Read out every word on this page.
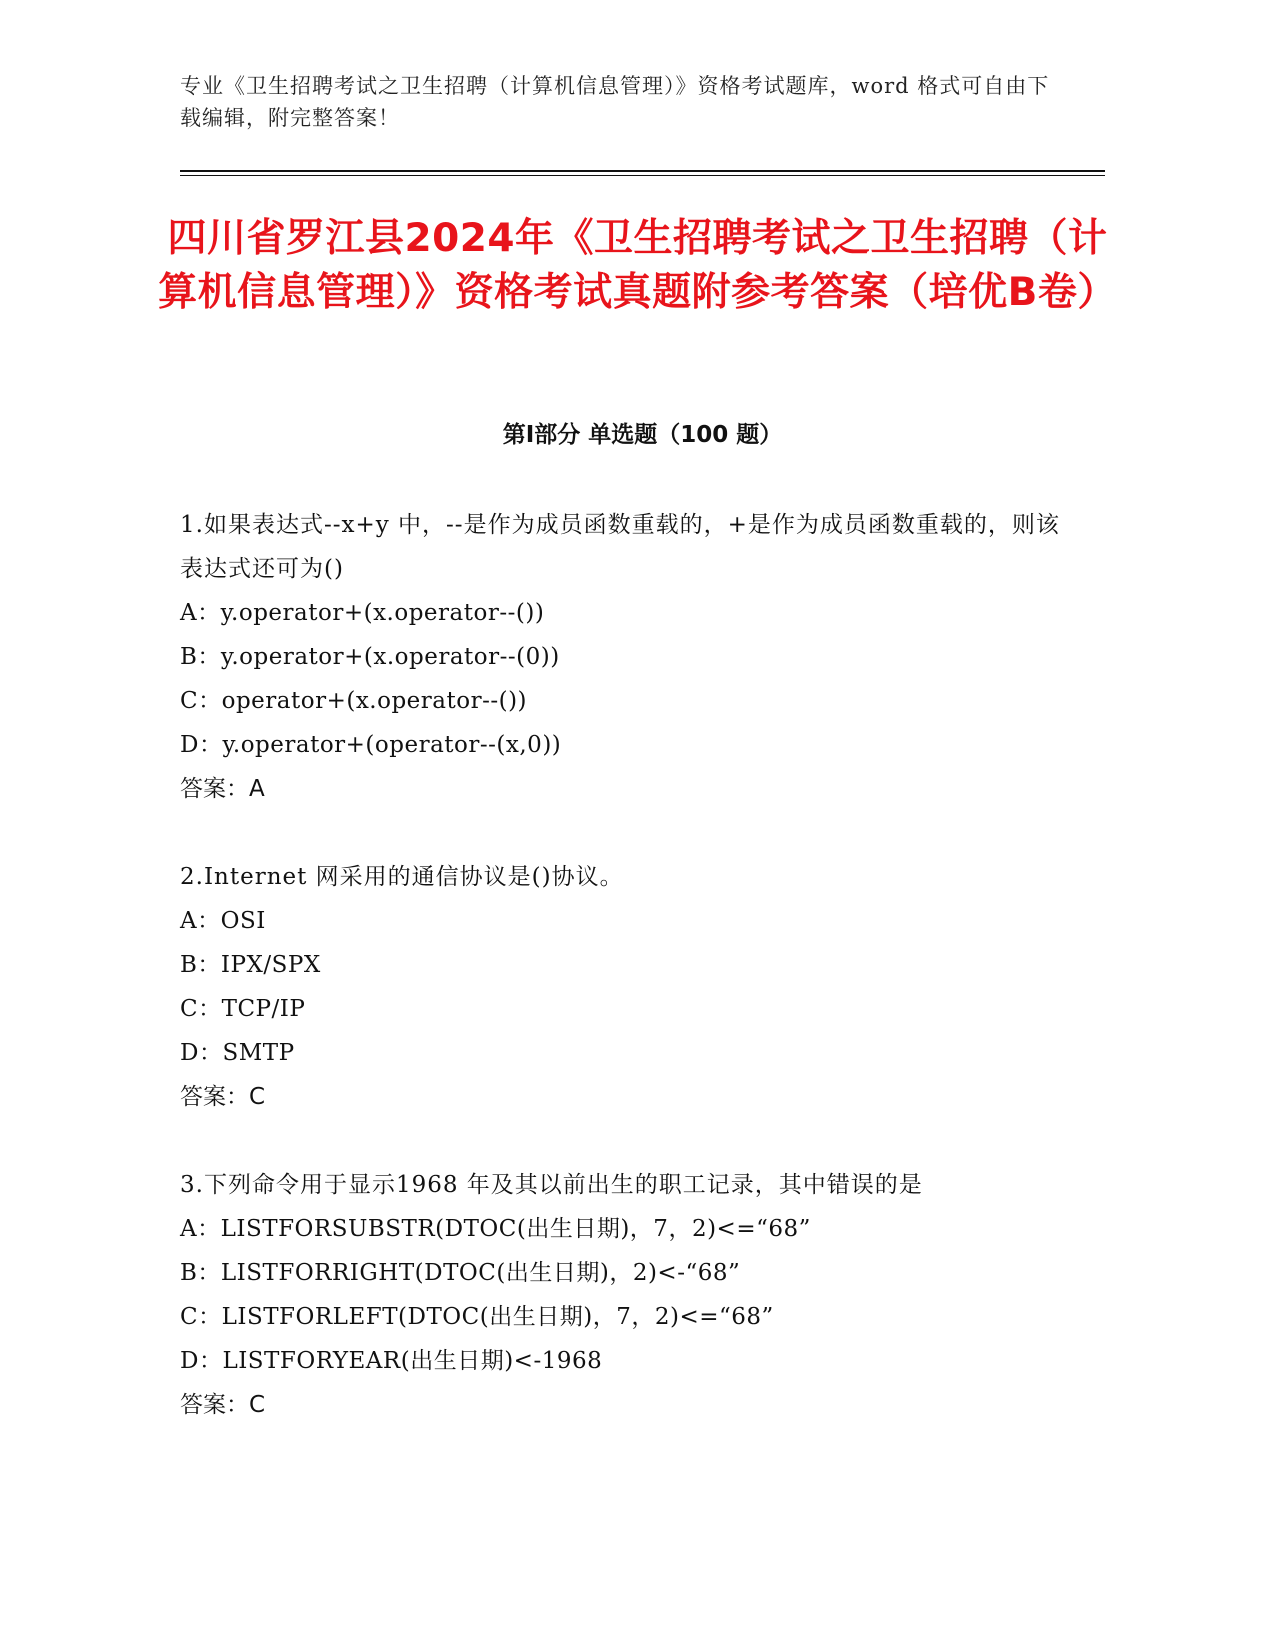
专业《卫生招聘考试之卫生招聘（计算机信息管理）》资格考试题库，word 格式可自由下载编辑，附完整答案！
四川省罗江县2024年《卫生招聘考试之卫生招聘（计算机信息管理）》资格考试真题附参考答案（培优B卷）
第Ⅰ部分 单选题（100 题）

1.如果表达式--x+y 中，--是作为成员函数重载的，+是作为成员函数重载的，则该表达式还可为()

A：y.operator+(x.operator--())

B：y.operator+(x.operator--(0))

C：operator+(x.operator--())

D：y.operator+(operator--(x,0))

答案：A

2.Internet 网采用的通信协议是()协议。

A：OSI

B：IPX/SPX

C：TCP/IP

D：SMTP

答案：C

3.下列命令用于显示1968 年及其以前出生的职工记录，其中错误的是

A：LISTFORSUBSTR(DTOC(出生日期)，7，2)<=“68”

B：LISTFORRIGHT(DTOC(出生日期)，2)<-“68”

C：LISTFORLEFT(DTOC(出生日期)，7，2)<=“68”

D：LISTFORYEAR(出生日期)<-1968

答案：C
